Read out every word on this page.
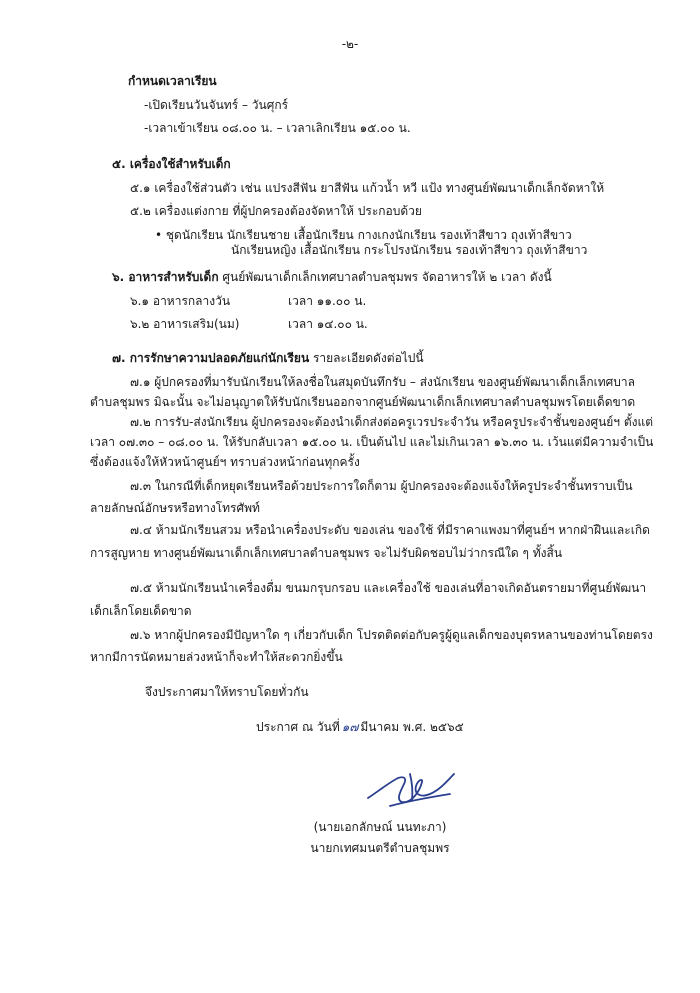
-๒-
กำหนดเวลาเรียน
-เปิดเรียนวันจันทร์ – วันศุกร์
-เวลาเข้าเรียน ๐๘.๐๐ น. – เวลาเลิกเรียน ๑๕.๐๐ น.
๕. เครื่องใช้สำหรับเด็ก
๕.๑ เครื่องใช้ส่วนตัว เช่น แปรงสีฟัน ยาสีฟัน แก้วน้ำ หวี แป้ง ทางศูนย์พัฒนาเด็กเล็กจัดหาให้
๕.๒ เครื่องแต่งกาย ที่ผู้ปกครองต้องจัดหาให้ ประกอบด้วย
• ชุดนักเรียน นักเรียนชาย เสื้อนักเรียน กางเกงนักเรียน รองเท้าสีขาว ถุงเท้าสีขาว
นักเรียนหญิง เสื้อนักเรียน กระโปรงนักเรียน รองเท้าสีขาว ถุงเท้าสีขาว
๖. อาหารสำหรับเด็ก ศูนย์พัฒนาเด็กเล็กเทศบาลตำบลชุมพร จัดอาหารให้ ๒ เวลา ดังนี้
๖.๑ อาหารกลางวัน	เวลา ๑๑.๐๐ น.
๖.๒ อาหารเสริม(นม)	เวลา ๑๔.๐๐ น.
๗. การรักษาความปลอดภัยแก่นักเรียน รายละเอียดดังต่อไปนี้
๗.๑ ผู้ปกครองที่มารับนักเรียนให้ลงชื่อในสมุดบันทึกรับ – ส่งนักเรียน ของศูนย์พัฒนาเด็กเล็กเทศบาล
ตำบลชุมพร มิฉะนั้น จะไม่อนุญาตให้รับนักเรียนออกจากศูนย์พัฒนาเด็กเล็กเทศบาลตำบลชุมพรโดยเด็ดขาด
๗.๒ การรับ-ส่งนักเรียน ผู้ปกครองจะต้องนำเด็กส่งต่อครูเวรประจำวัน หรือครูประจำชั้นของศูนย์ฯ ตั้งแต่
เวลา ๐๗.๓๐ – ๐๘.๐๐ น. ให้รับกลับเวลา ๑๕.๐๐ น. เป็นต้นไป และไม่เกินเวลา ๑๖.๓๐ น. เว้นแต่มีความจำเป็น
ซึ่งต้องแจ้งให้หัวหน้าศูนย์ฯ ทราบล่วงหน้าก่อนทุกครั้ง
๗.๓ ในกรณีที่เด็กหยุดเรียนหรือด้วยประการใดก็ตาม ผู้ปกครองจะต้องแจ้งให้ครูประจำชั้นทราบเป็น
ลายลักษณ์อักษรหรือทางโทรศัพท์
๗.๔ ห้ามนักเรียนสวม หรือนำเครื่องประดับ ของเล่น ของใช้ ที่มีราคาแพงมาที่ศูนย์ฯ หากฝ่าฝืนและเกิด
การสูญหาย ทางศูนย์พัฒนาเด็กเล็กเทศบาลตำบลชุมพร จะไม่รับผิดชอบไม่ว่ากรณีใด ๆ ทั้งสิ้น
๗.๕ ห้ามนักเรียนนำเครื่องดื่ม ขนมกรุบกรอบ และเครื่องใช้ ของเล่นที่อาจเกิดอันตรายมาที่ศูนย์พัฒนา
เด็กเล็กโดยเด็ดขาด
๗.๖ หากผู้ปกครองมีปัญหาใด ๆ เกี่ยวกับเด็ก โปรดติดต่อกับครูผู้ดูแลเด็กของบุตรหลานของท่านโดยตรง
หากมีการนัดหมายล่วงหน้าก็จะทำให้สะดวกยิ่งขึ้น
จึงประกาศมาให้ทราบโดยทั่วกัน
ประกาศ ณ วันที่ ๑๗ มีนาคม พ.ศ. ๒๕๖๕
(นายเอกลักษณ์ นนทะภา)
นายกเทศมนตรีตำบลชุมพร
